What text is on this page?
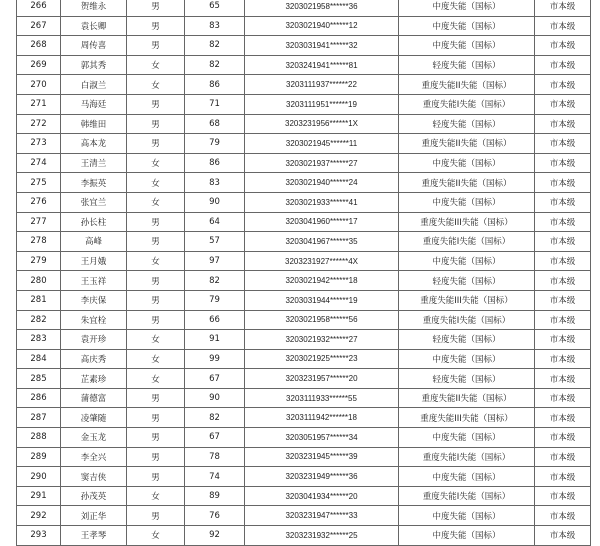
266	贺维永	男	65	3203021958******36	中度失能（国标）	市本级
267	袁长卿	男	83	3203021940******12	中度失能（国标）	市本级
268	周传喜	男	82	3203031941******32	中度失能（国标）	市本级
269	郭其秀	女	82	3203241941******81	轻度失能（国标）	市本级
270	白淑兰	女	86	3203111937******22	重度失能II失能（国标）	市本级
271	马海廷	男	71	3203111951******19	重度失能I失能（国标）	市本级
272	韩维田	男	68	3203231956******1X	轻度失能（国标）	市本级
273	高本龙	男	79	3203021945******11	重度失能II失能（国标）	市本级
274	王清兰	女	86	3203021937******27	中度失能（国标）	市本级
275	李振英	女	83	3203021940******24	重度失能II失能（国标）	市本级
276	张宜兰	女	90	3203021933******41	中度失能（国标）	市本级
277	孙长柱	男	64	3203041960******17	重度失能III失能（国标）	市本级
278	高峰	男	57	3203041967******35	重度失能I失能（国标）	市本级
279	王月娥	女	97	3203231927******4X	中度失能（国标）	市本级
280	王玉祥	男	82	3203021942******18	轻度失能（国标）	市本级
281	李庆保	男	79	3203031944******19	重度失能III失能（国标）	市本级
282	朱宜栓	男	66	3203021958******56	重度失能I失能（国标）	市本级
283	袁开珍	女	91	3203021932******27	轻度失能（国标）	市本级
284	高庆秀	女	99	3203021925******23	中度失能（国标）	市本级
285	芷素珍	女	67	3203231957******20	轻度失能（国标）	市本级
286	蒲德富	男	90	3203111933******55	重度失能II失能（国标）	市本级
287	凌肇随	男	82	3203111942******18	重度失能III失能（国标）	市本级
288	金玉龙	男	67	3203051957******34	中度失能（国标）	市本级
289	李全兴	男	78	3203231945******39	重度失能I失能（国标）	市本级
290	窦吉侠	男	74	3203231949******36	中度失能（国标）	市本级
291	孙茂英	女	89	3203041934******20	重度失能I失能（国标）	市本级
292	刘正华	男	76	3203231947******33	中度失能（国标）	市本级
293	王孝琴	女	92	3203231932******25	中度失能（国标）	市本级
